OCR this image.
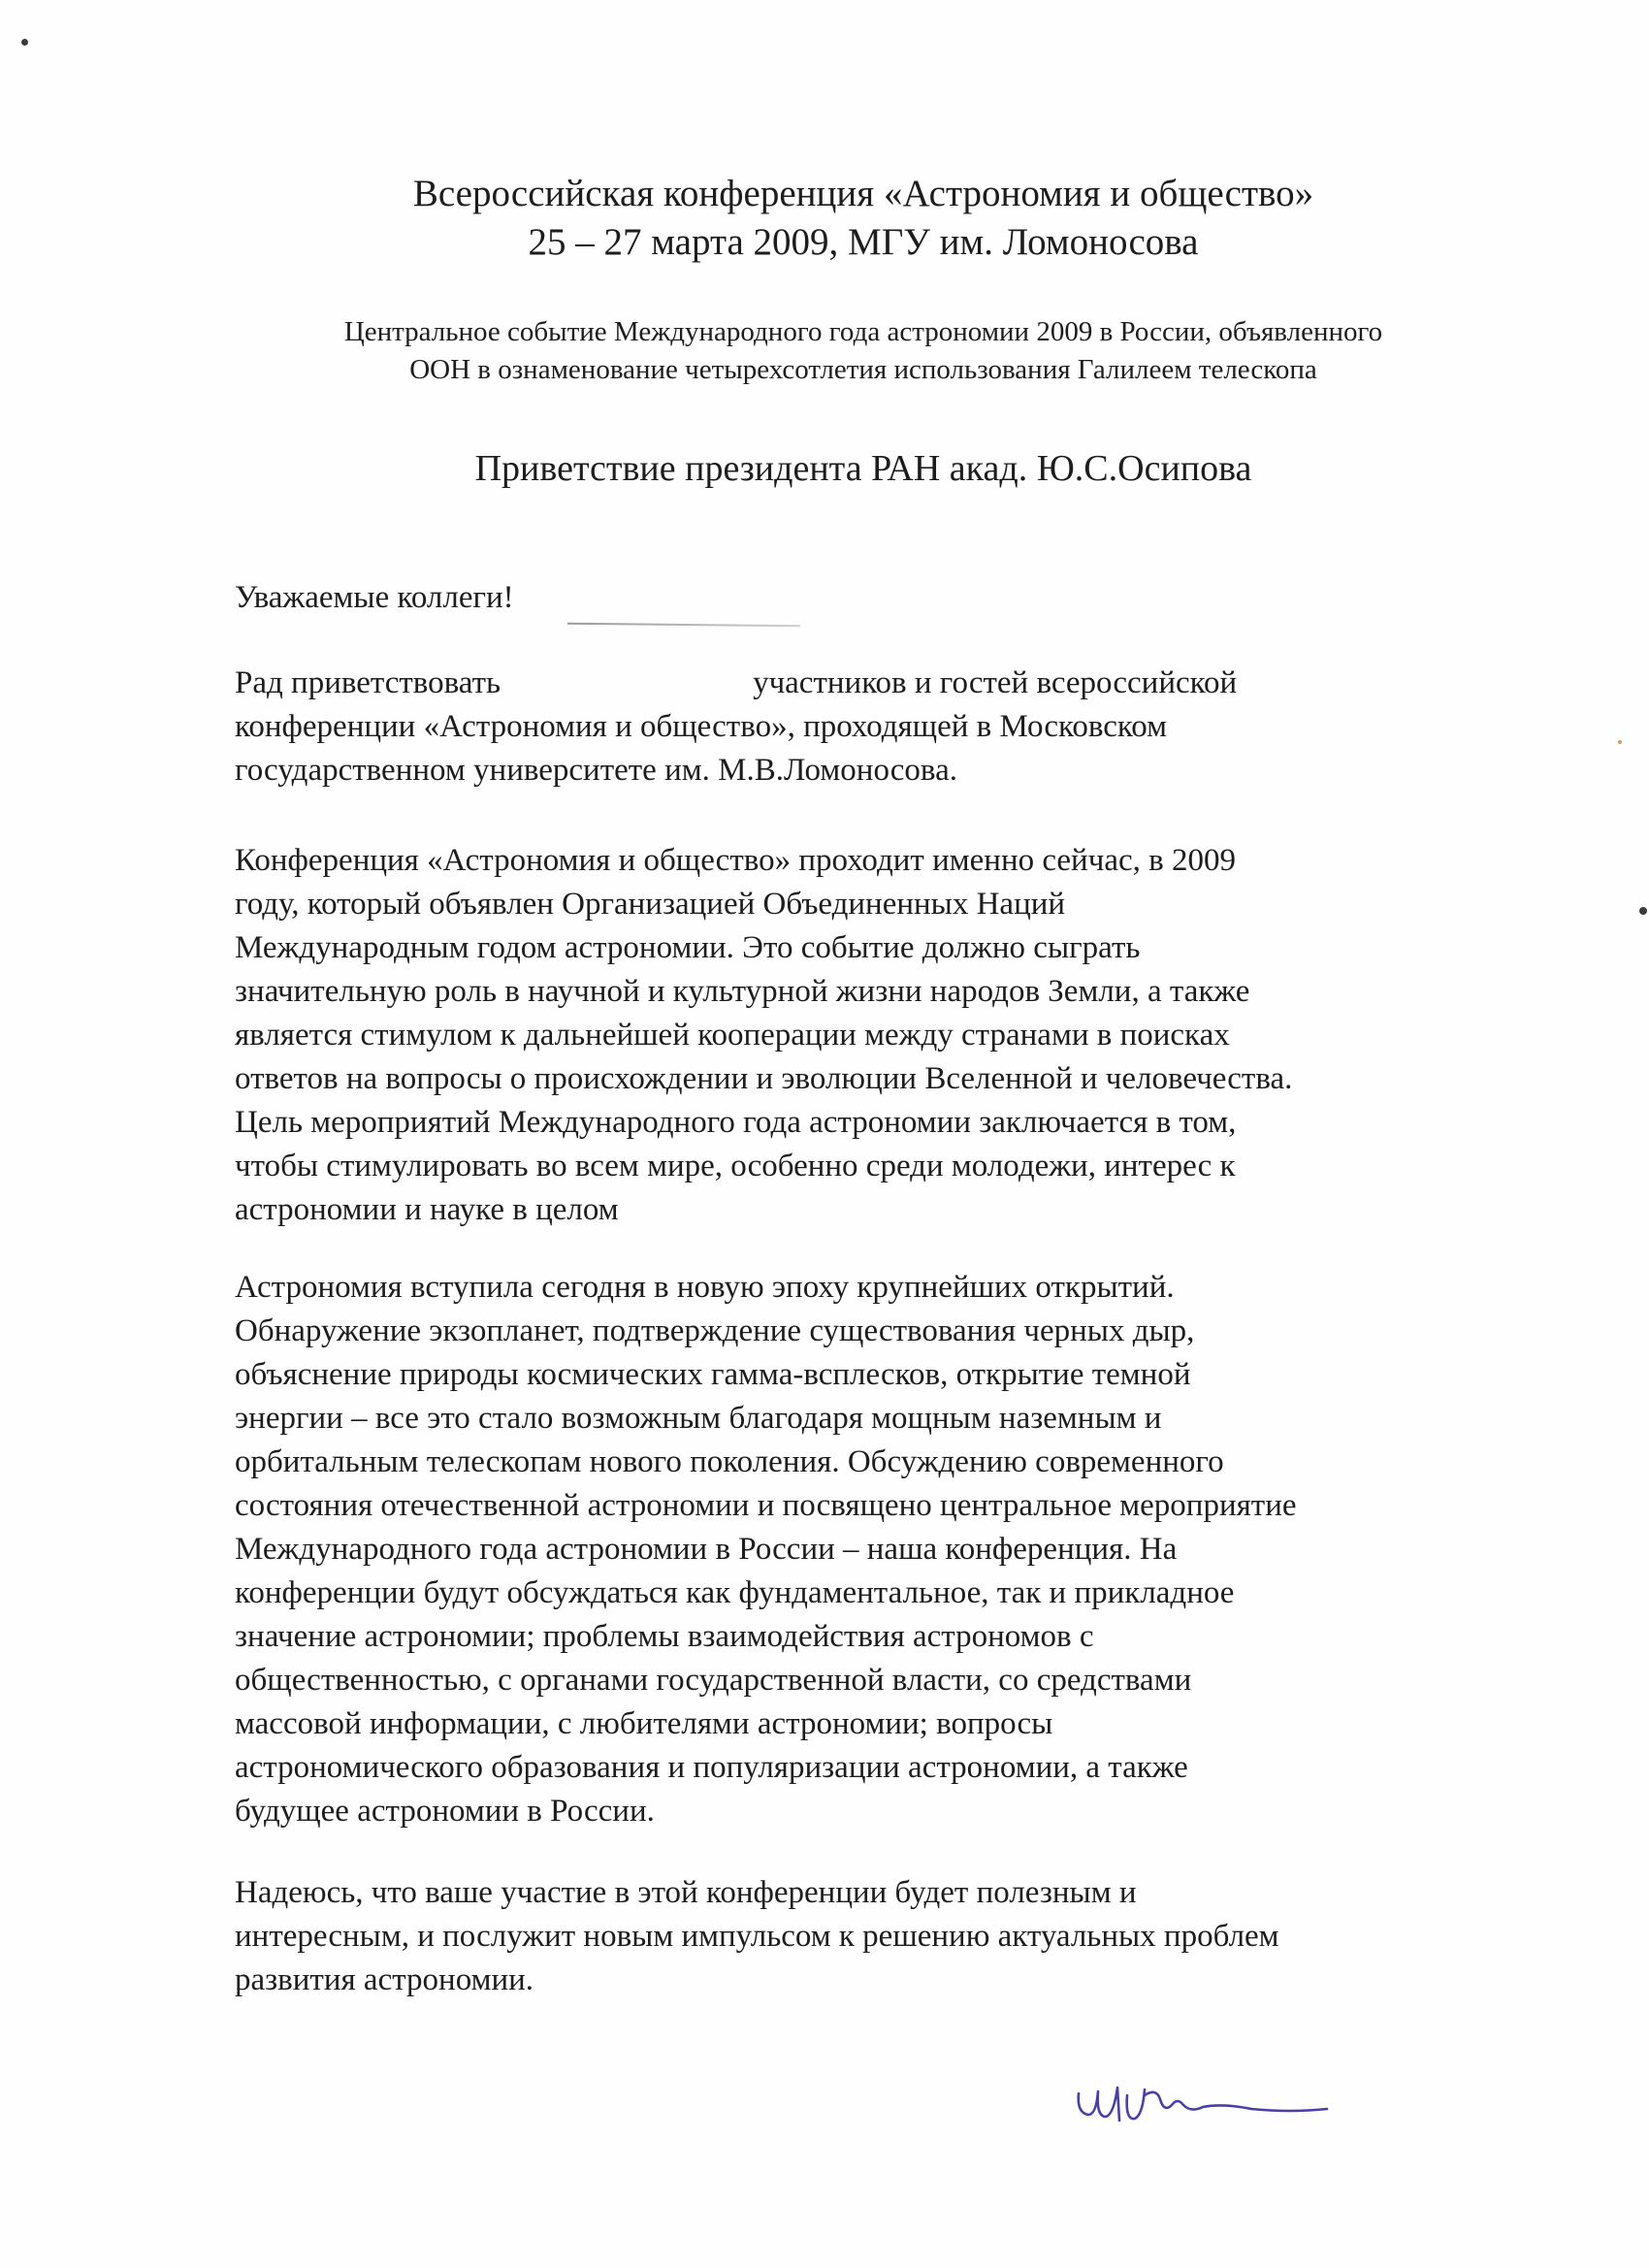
Всероссийская конференция «Астрономия и общество»
25 – 27 марта 2009, МГУ им. Ломоносова
Центральное событие Международного года астрономии 2009 в России, объявленного
ООН в ознаменование четырехсотлетия использования Галилеем телескопа
Приветствие президента РАН акад. Ю.С.Осипова

Уважаемые коллеги!

Рад приветствовать	участников и гостей всероссийской
конференции «Астрономия и общество», проходящей в Московском
государственном университете им. М.В.Ломоносова.

Конференция «Астрономия и общество» проходит именно сейчас, в 2009
году, который объявлен Организацией Объединенных Наций
Международным годом астрономии. Это событие должно сыграть
значительную роль в научной и культурной жизни народов Земли, а также
является стимулом к дальнейшей кооперации между странами в поисках
ответов на вопросы о происхождении и эволюции Вселенной и человечества.
Цель мероприятий Международного года астрономии заключается в том,
чтобы стимулировать во всем мире, особенно среди молодежи, интерес к
астрономии и науке в целом

Астрономия вступила сегодня в новую эпоху крупнейших открытий.
Обнаружение экзопланет, подтверждение существования черных дыр,
объяснение природы космических гамма-всплесков, открытие темной
энергии – все это стало возможным благодаря мощным наземным и
орбитальным телескопам нового поколения. Обсуждению современного
состояния отечественной астрономии и посвящено центральное мероприятие
Международного года астрономии в России – наша конференция. На
конференции будут обсуждаться как фундаментальное, так и прикладное
значение астрономии; проблемы взаимодействия астрономов с
общественностью, с органами государственной власти, со средствами
массовой информации, с любителями астрономии; вопросы
астрономического образования и популяризации астрономии, а также
будущее астрономии в России.

Надеюсь, что ваше участие в этой конференции будет полезным и
интересным, и послужит новым импульсом к решению актуальных проблем
развития астрономии.
